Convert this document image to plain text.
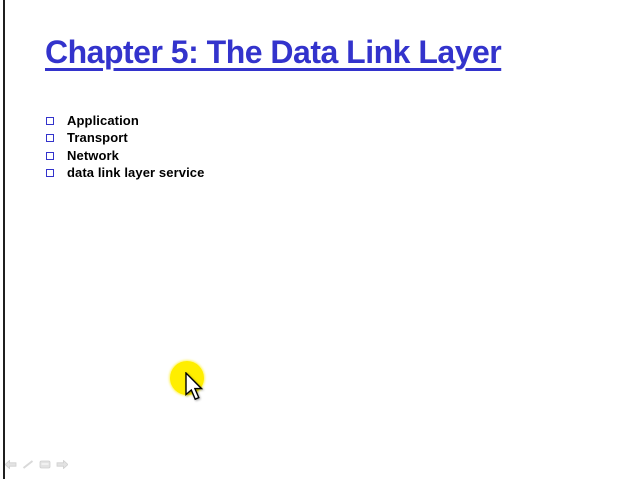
Chapter 5: The Data Link Layer
Application
Transport
Network
data link layer service
